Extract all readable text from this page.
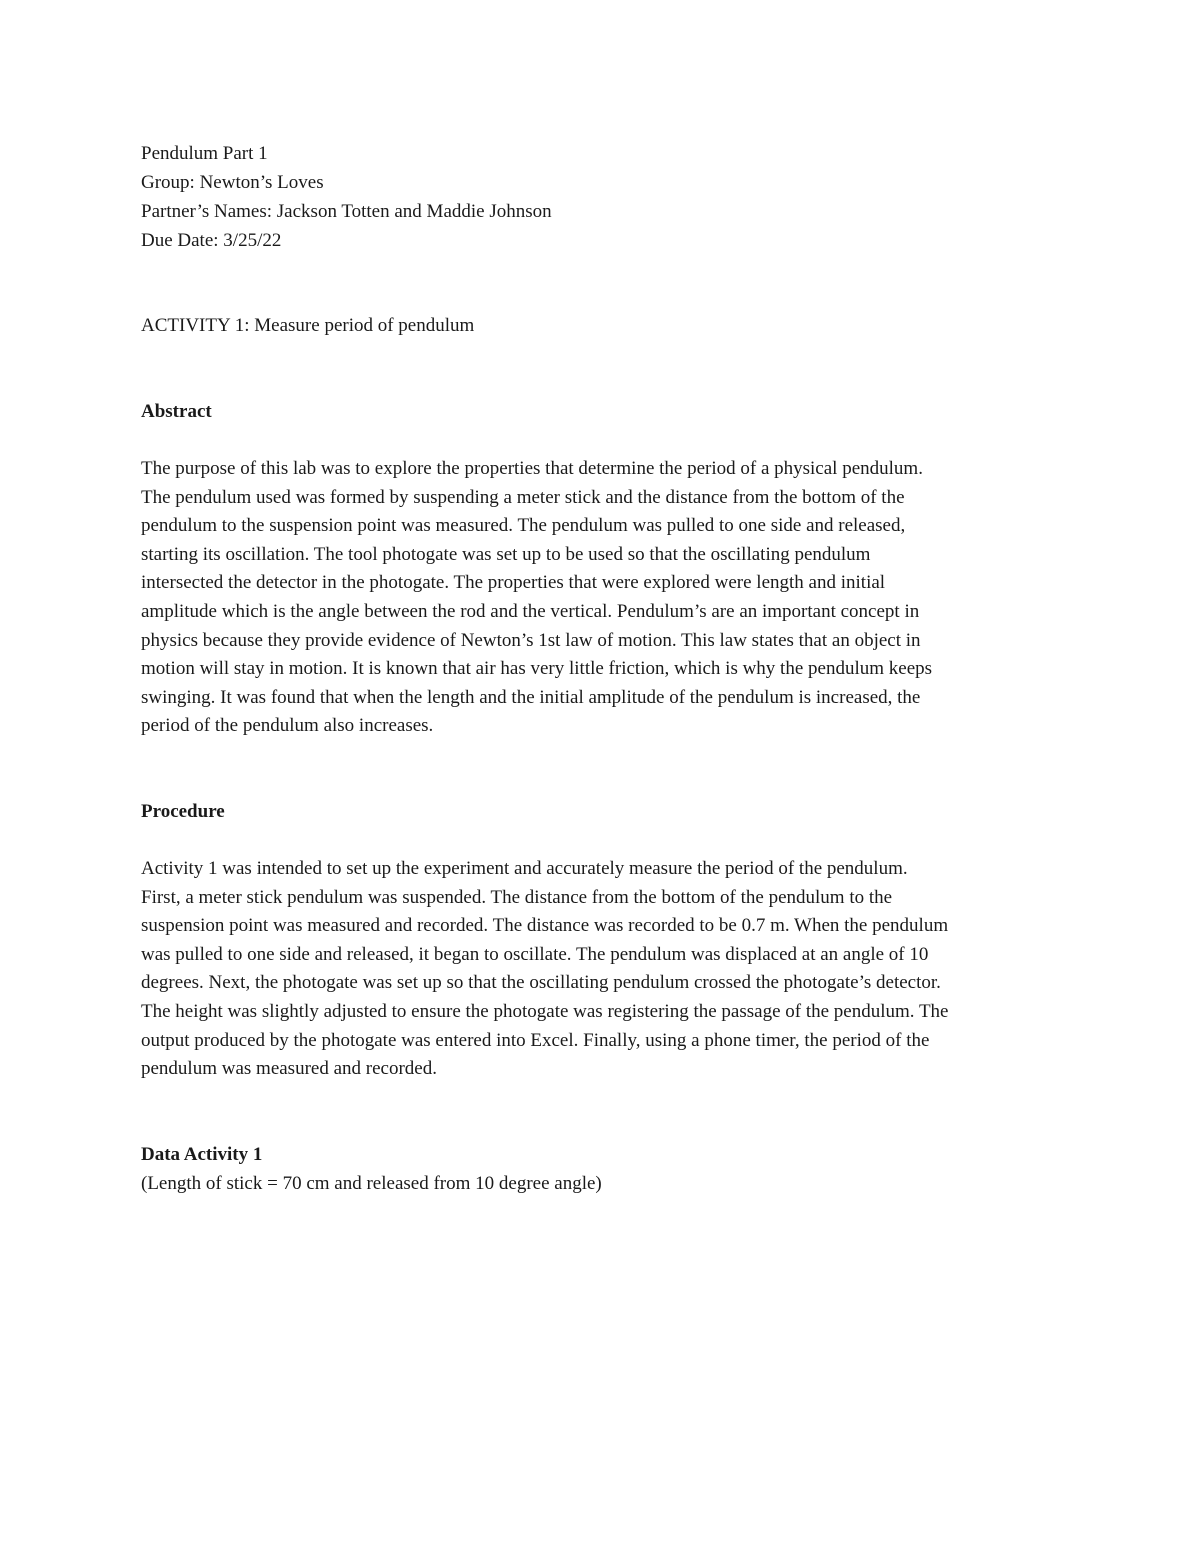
Pendulum Part 1
Group: Newton’s Loves
Partner’s Names: Jackson Totten and Maddie Johnson
Due Date: 3/25/22
ACTIVITY 1: Measure period of pendulum
Abstract

The purpose of this lab was to explore the properties that determine the period of a physical pendulum.
The pendulum used was formed by suspending a meter stick and the distance from the bottom of the
pendulum to the suspension point was measured. The pendulum was pulled to one side and released,
starting its oscillation. The tool photogate was set up to be used so that the oscillating pendulum
intersected the detector in the photogate. The properties that were explored were length and initial
amplitude which is the angle between the rod and the vertical. Pendulum’s are an important concept in
physics because they provide evidence of Newton’s 1st law of motion. This law states that an object in
motion will stay in motion. It is known that air has very little friction, which is why the pendulum keeps
swinging. It was found that when the length and the initial amplitude of the pendulum is increased, the
period of the pendulum also increases.

Procedure

Activity 1 was intended to set up the experiment and accurately measure the period of the pendulum.
First, a meter stick pendulum was suspended. The distance from the bottom of the pendulum to the
suspension point was measured and recorded. The distance was recorded to be 0.7 m. When the pendulum
was pulled to one side and released, it began to oscillate. The pendulum was displaced at an angle of 10
degrees. Next, the photogate was set up so that the oscillating pendulum crossed the photogate’s detector.
The height was slightly adjusted to ensure the photogate was registering the passage of the pendulum. The
output produced by the photogate was entered into Excel. Finally, using a phone timer, the period of the
pendulum was measured and recorded.

Data Activity 1
(Length of stick = 70 cm and released from 10 degree angle)
